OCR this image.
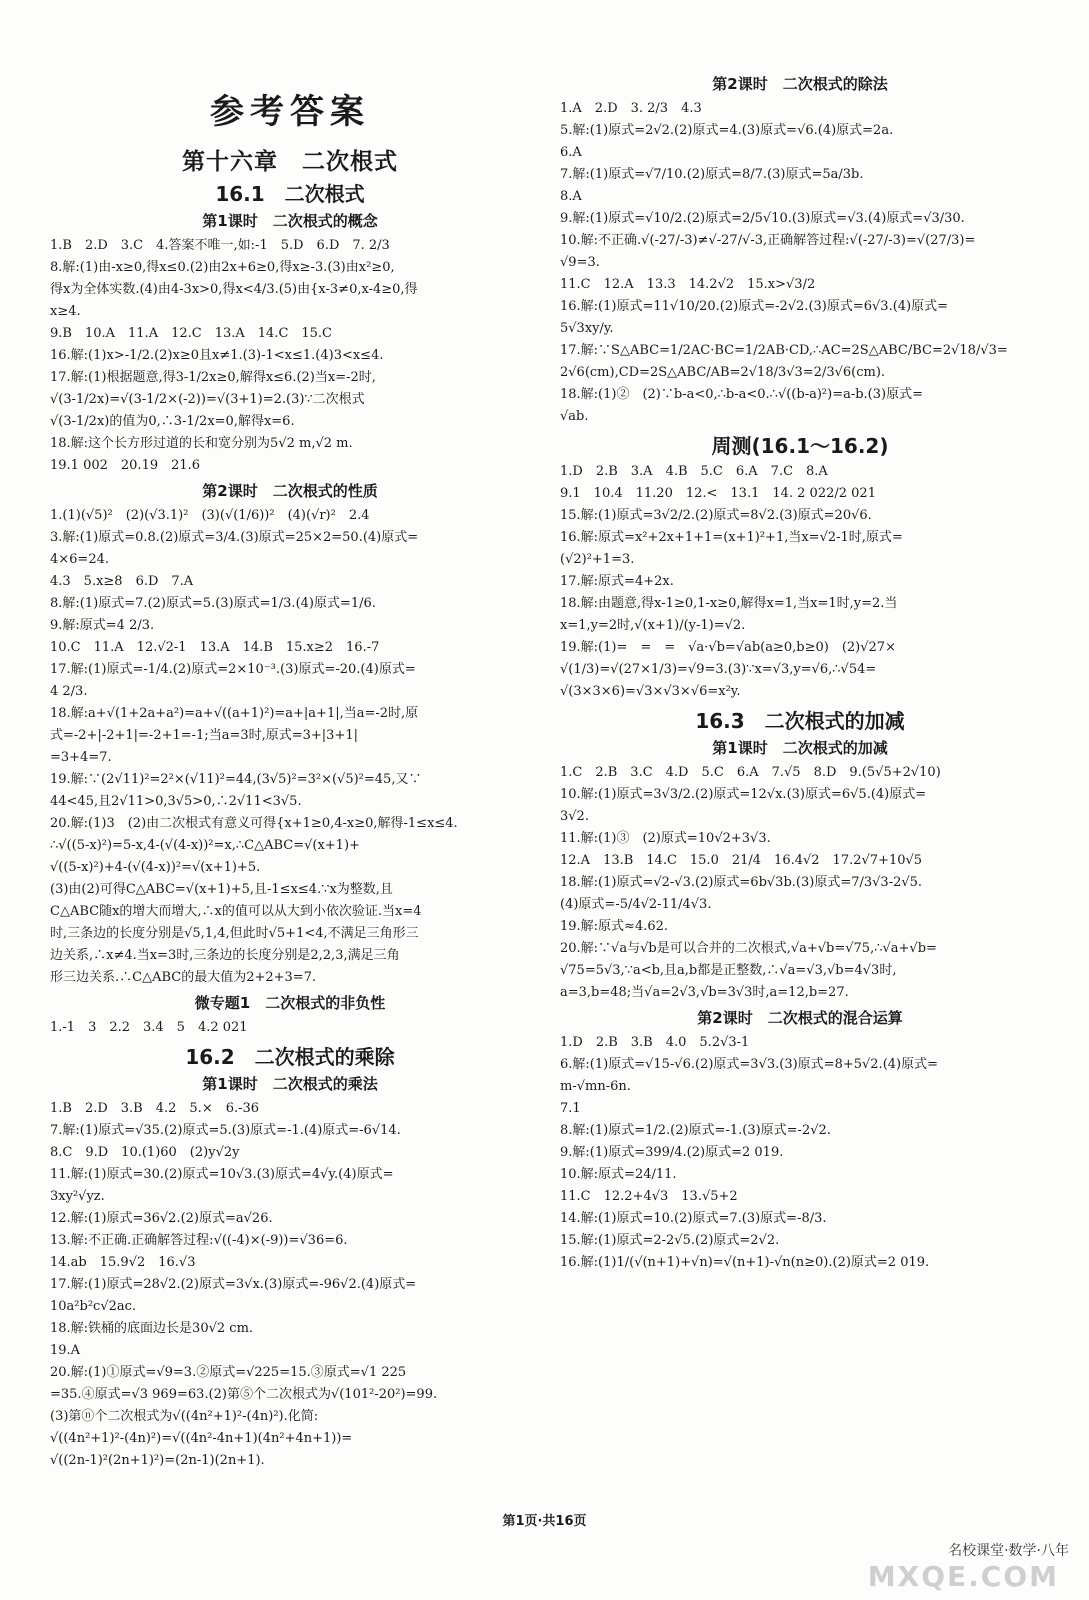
参考答案
第十六章　二次根式
16.1　二次根式
第1课时　二次根式的概念
1.B　2.D　3.C　4.答案不唯一,如:-1　5.D　6.D　7. 2/3
8.解:(1)由-x≥0,得x≤0.(2)由2x+6≥0,得x≥-3.(3)由x²≥0,
得x为全体实数.(4)由4-3x>0,得x<4/3.(5)由{x-3≠0,x-4≥0,得
x≥4.
9.B　10.A　11.A　12.C　13.A　14.C　15.C
16.解:(1)x>-1/2.(2)x≥0且x≠1.(3)-1<x≤1.(4)3<x≤4.
17.解:(1)根据题意,得3-1/2x≥0,解得x≤6.(2)当x=-2时,
√(3-1/2x)=√(3-1/2×(-2))=√(3+1)=2.(3)∵二次根式
√(3-1/2x)的值为0,∴3-1/2x=0,解得x=6.
18.解:这个长方形过道的长和宽分别为5√2 m,√2 m.
19.1 002　20.19　21.6
第2课时　二次根式的性质
1.(1)(√5)²　(2)(√3.1)²　(3)(√(1/6))²　(4)(√r)²　2.4
3.解:(1)原式=0.8.(2)原式=3/4.(3)原式=25×2=50.(4)原式=
4×6=24.
4.3　5.x≥8　6.D　7.A
8.解:(1)原式=7.(2)原式=5.(3)原式=1/3.(4)原式=1/6.
9.解:原式=4 2/3.
10.C　11.A　12.√2-1　13.A　14.B　15.x≥2　16.-7
17.解:(1)原式=-1/4.(2)原式=2×10⁻³.(3)原式=-20.(4)原式=
4 2/3.
18.解:a+√(1+2a+a²)=a+√((a+1)²)=a+|a+1|,当a=-2时,原
式=-2+|-2+1|=-2+1=-1;当a=3时,原式=3+|3+1|
=3+4=7.
19.解:∵(2√11)²=2²×(√11)²=44,(3√5)²=3²×(√5)²=45,又∵
44<45,且2√11>0,3√5>0,∴2√11<3√5.
20.解:(1)3　(2)由二次根式有意义可得{x+1≥0,4-x≥0,解得-1≤x≤4.
∴√((5-x)²)=5-x,4-(√(4-x))²=x,∴C△ABC=√(x+1)+
√((5-x)²)+4-(√(4-x))²=√(x+1)+5.
(3)由(2)可得C△ABC=√(x+1)+5,且-1≤x≤4.∵x为整数,且
C△ABC随x的增大而增大,∴x的值可以从大到小依次验证.当x=4
时,三条边的长度分别是√5,1,4,但此时√5+1<4,不满足三角形三
边关系,∴x≠4.当x=3时,三条边的长度分别是2,2,3,满足三角
形三边关系.∴C△ABC的最大值为2+2+3=7.
微专题1　二次根式的非负性
1.-1　3　2.2　3.4　5　4.2 021
16.2　二次根式的乘除
第1课时　二次根式的乘法
1.B　2.D　3.B　4.2　5.×　6.-36
7.解:(1)原式=√35.(2)原式=5.(3)原式=-1.(4)原式=-6√14.
8.C　9.D　10.(1)60　(2)y√2y
11.解:(1)原式=30.(2)原式=10√3.(3)原式=4√y.(4)原式=
3xy²√yz.
12.解:(1)原式=36√2.(2)原式=a√26.
13.解:不正确.正确解答过程:√((-4)×(-9))=√36=6.
14.ab　15.9√2　16.√3
17.解:(1)原式=28√2.(2)原式=3√x.(3)原式=-96√2.(4)原式=
10a²b²c√2ac.
18.解:铁桶的底面边长是30√2 cm.
19.A
20.解:(1)①原式=√9=3.②原式=√225=15.③原式=√1 225
=35.④原式=√3 969=63.(2)第⑤个二次根式为√(101²-20²)=99.
(3)第ⓝ个二次根式为√((4n²+1)²-(4n)²).化简:
√((4n²+1)²-(4n)²)=√((4n²-4n+1)(4n²+4n+1))=
√((2n-1)²(2n+1)²)=(2n-1)(2n+1).
第2课时　二次根式的除法
1.A　2.D　3. 2/3　4.3
5.解:(1)原式=2√2.(2)原式=4.(3)原式=√6.(4)原式=2a.
6.A
7.解:(1)原式=√7/10.(2)原式=8/7.(3)原式=5a/3b.
8.A
9.解:(1)原式=√10/2.(2)原式=2/5√10.(3)原式=√3.(4)原式=√3/30.
10.解:不正确.√(-27/-3)≠√-27/√-3,正确解答过程:√(-27/-3)=√(27/3)=
√9=3.
11.C　12.A　13.3　14.2√2　15.x>√3/2
16.解:(1)原式=11√10/20.(2)原式=-2√2.(3)原式=6√3.(4)原式=
5√3xy/y.
17.解:∵S△ABC=1/2AC·BC=1/2AB·CD,∴AC=2S△ABC/BC=2√18/√3=
2√6(cm),CD=2S△ABC/AB=2√18/3√3=2/3√6(cm).
18.解:(1)②　(2)∵b-a<0,∴b-a<0.∴√((b-a)²)=a-b.(3)原式=
√ab.
周测(16.1～16.2)
1.D　2.B　3.A　4.B　5.C　6.A　7.C　8.A
9.1　10.4　11.20　12.<　13.1　14. 2 022/2 021
15.解:(1)原式=3√2/2.(2)原式=8√2.(3)原式=20√6.
16.解:原式=x²+2x+1+1=(x+1)²+1,当x=√2-1时,原式=
(√2)²+1=3.
17.解:原式=4+2x.
18.解:由题意,得x-1≥0,1-x≥0,解得x=1,当x=1时,y=2.当
x=1,y=2时,√(x+1)/(y-1)=√2.
19.解:(1)=　=　=　√a·√b=√ab(a≥0,b≥0)　(2)√27×
√(1/3)=√(27×1/3)=√9=3.(3)∵x=√3,y=√6,∴√54=
√(3×3×6)=√3×√3×√6=x²y.
16.3　二次根式的加减
第1课时　二次根式的加减
1.C　2.B　3.C　4.D　5.C　6.A　7.√5　8.D　9.(5√5+2√10)
10.解:(1)原式=3√3/2.(2)原式=12√x.(3)原式=6√5.(4)原式=
3√2.
11.解:(1)③　(2)原式=10√2+3√3.
12.A　13.B　14.C　15.0　21/4　16.4√2　17.2√7+10√5
18.解:(1)原式=√2-√3.(2)原式=6b√3b.(3)原式=7/3√3-2√5.
(4)原式=-5/4√2-11/4√3.
19.解:原式≈4.62.
20.解:∵√a与√b是可以合并的二次根式,√a+√b=√75,∴√a+√b=
√75=5√3,∵a<b,且a,b都是正整数,∴√a=√3,√b=4√3时,
a=3,b=48;当√a=2√3,√b=3√3时,a=12,b=27.
第2课时　二次根式的混合运算
1.D　2.B　3.B　4.0　5.2√3-1
6.解:(1)原式=√15-√6.(2)原式=3√3.(3)原式=8+5√2.(4)原式=
m-√mn-6n.
7.1
8.解:(1)原式=1/2.(2)原式=-1.(3)原式=-2√2.
9.解:(1)原式=399/4.(2)原式=2 019.
10.解:原式=24/11.
11.C　12.2+4√3　13.√5+2
14.解:(1)原式=10.(2)原式=7.(3)原式=-8/3.
15.解:(1)原式=2-2√5.(2)原式=2√2.
16.解:(1)1/(√(n+1)+√n)=√(n+1)-√n(n≥0).(2)原式=2 019.
第1页·共16页
名校课堂·数学·八年
MXQE.COM
